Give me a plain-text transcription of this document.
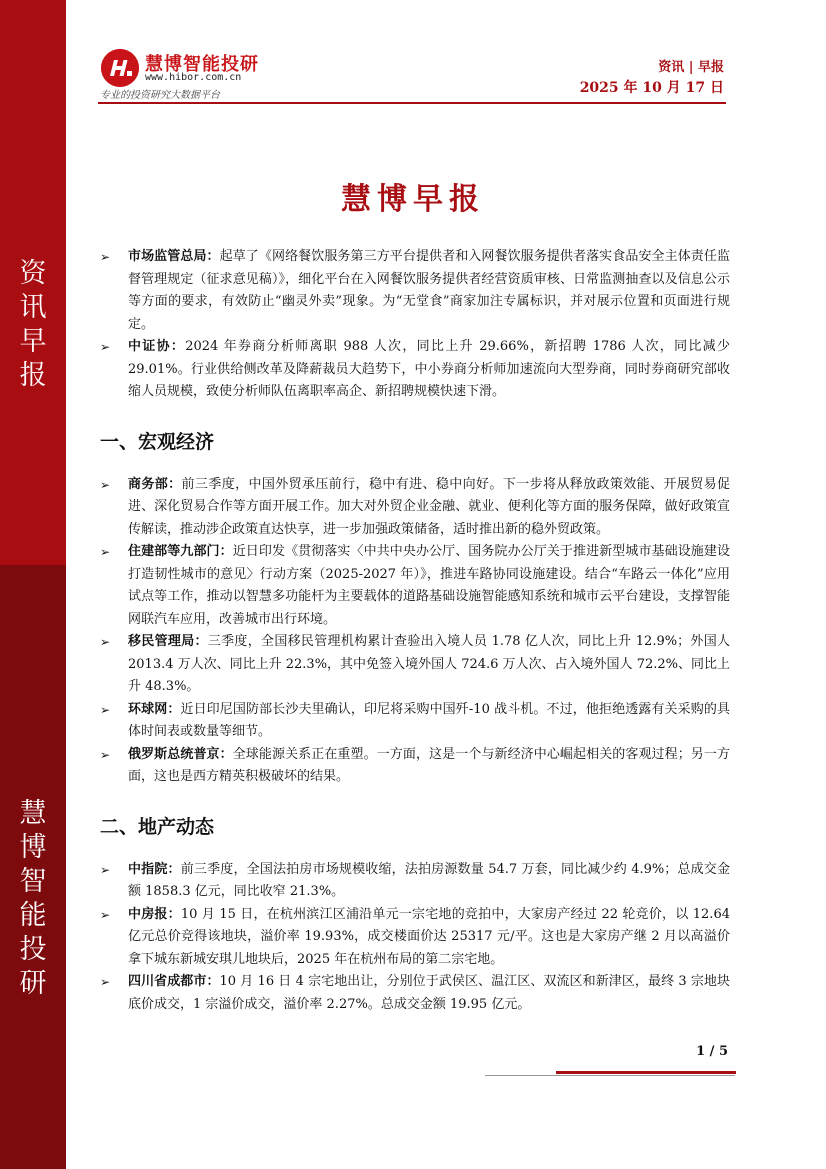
资
讯
早
报
慧
博
智
能
投
研
慧博智能投研
www.hibor.com.cn
专业的投资研究大数据平台
资讯 | 早报
2025 年 10 月 17 日
慧博早报
➢ 市场监管总局：起草了《网络餐饮服务第三方平台提供者和入网餐饮服务提供者落实食品安全主体责任监督管理规定（征求意见稿）》，细化平台在入网餐饮服务提供者经营资质审核、日常监测抽查以及信息公示等方面的要求，有效防止“幽灵外卖”现象。为“无堂食”商家加注专属标识，并对展示位置和页面进行规定。
➢ 中证协：2024 年券商分析师离职 988 人次，同比上升 29.66%，新招聘 1786 人次，同比减少 29.01%。行业供给侧改革及降薪裁员大趋势下，中小券商分析师加速流向大型券商，同时券商研究部收缩人员规模，致使分析师队伍离职率高企、新招聘规模快速下滑。
一、宏观经济
➢ 商务部：前三季度，中国外贸承压前行，稳中有进、稳中向好。下一步将从释放政策效能、开展贸易促进、深化贸易合作等方面开展工作。加大对外贸企业金融、就业、便利化等方面的服务保障，做好政策宣传解读，推动涉企政策直达快享，进一步加强政策储备，适时推出新的稳外贸政策。
➢ 住建部等九部门：近日印发《贯彻落实〈中共中央办公厅、国务院办公厅关于推进新型城市基础设施建设打造韧性城市的意见〉行动方案（2025-2027 年）》，推进车路协同设施建设。结合“车路云一体化”应用试点等工作，推动以智慧多功能杆为主要载体的道路基础设施智能感知系统和城市云平台建设，支撑智能网联汽车应用，改善城市出行环境。
➢ 移民管理局：三季度，全国移民管理机构累计查验出入境人员 1.78 亿人次，同比上升 12.9%；外国人 2013.4 万人次、同比上升 22.3%，其中免签入境外国人 724.6 万人次、占入境外国人 72.2%、同比上升 48.3%。
➢ 环球网：近日印尼国防部长沙夫里确认，印尼将采购中国歼-10 战斗机。不过，他拒绝透露有关采购的具体时间表或数量等细节。
➢ 俄罗斯总统普京：全球能源关系正在重塑。一方面，这是一个与新经济中心崛起相关的客观过程；另一方面，这也是西方精英积极破坏的结果。
二、地产动态
➢ 中指院：前三季度，全国法拍房市场规模收缩，法拍房源数量 54.7 万套，同比减少约 4.9%；总成交金额 1858.3 亿元，同比收窄 21.3%。
➢ 中房报：10 月 15 日，在杭州滨江区浦沿单元一宗宅地的竞拍中，大家房产经过 22 轮竞价，以 12.64 亿元总价竞得该地块，溢价率 19.93%，成交楼面价达 25317 元/平。这也是大家房产继 2 月以高溢价拿下城东新城安琪儿地块后，2025 年在杭州布局的第二宗宅地。
➢ 四川省成都市：10 月 16 日 4 宗宅地出让，分别位于武侯区、温江区、双流区和新津区，最终 3 宗地块底价成交，1 宗溢价成交，溢价率 2.27%。总成交金额 19.95 亿元。
1 / 5
